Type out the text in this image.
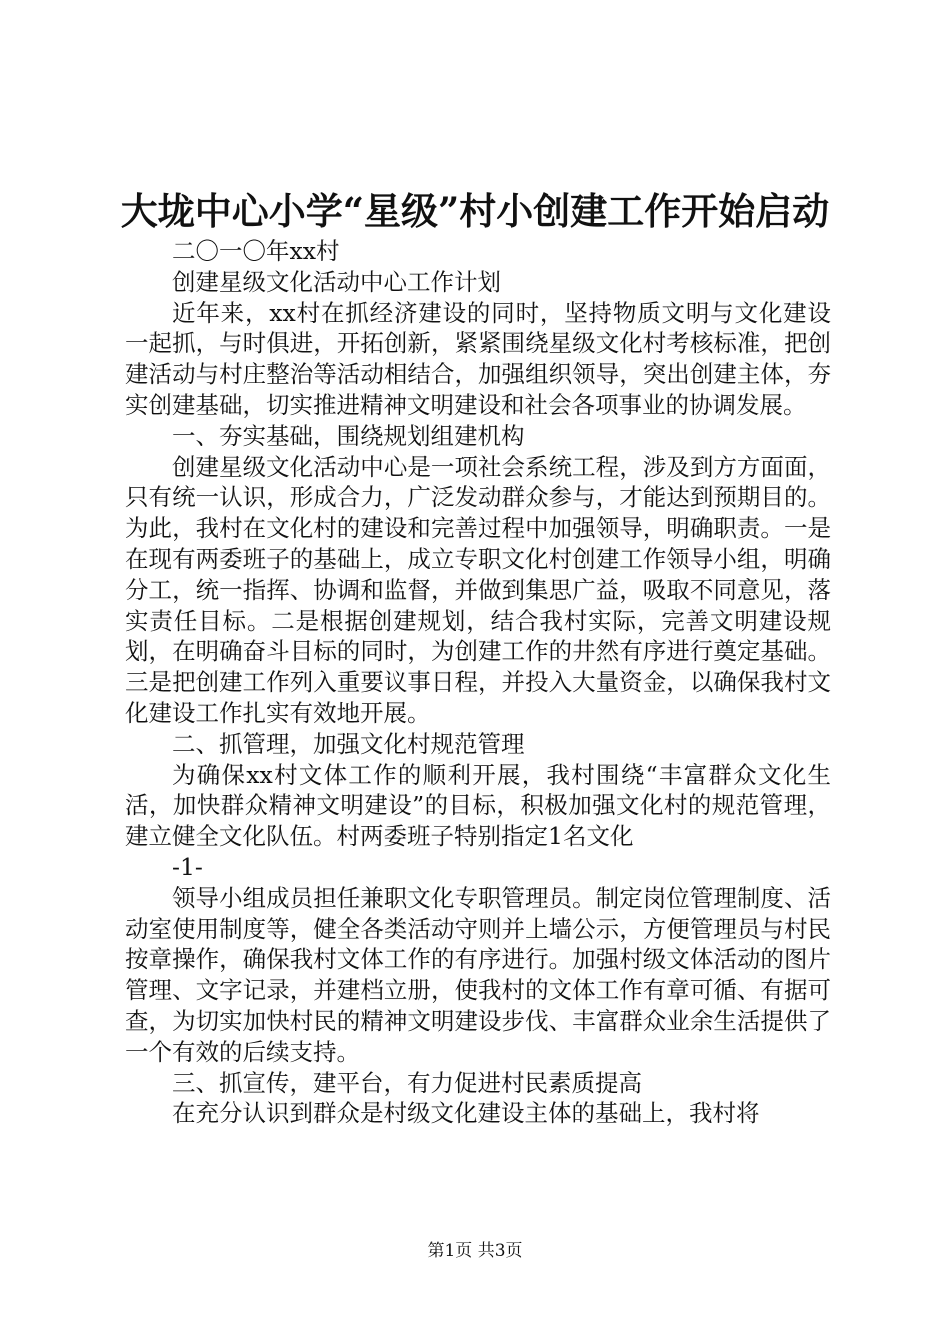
大垅中心小学“星级”村小创建工作开始启动

二〇一〇年xx村

创建星级文化活动中心工作计划

近年来，xx村在抓经济建设的同时，坚持物质文明与文化建设一起抓，与时俱进，开拓创新，紧紧围绕星级文化村考核标准，把创建活动与村庄整治等活动相结合，加强组织领导，突出创建主体，夯实创建基础，切实推进精神文明建设和社会各项事业的协调发展。

一、夯实基础，围绕规划组建机构

创建星级文化活动中心是一项社会系统工程，涉及到方方面面，只有统一认识，形成合力，广泛发动群众参与，才能达到预期目的。为此，我村在文化村的建设和完善过程中加强领导，明确职责。一是在现有两委班子的基础上，成立专职文化村创建工作领导小组，明确分工，统一指挥、协调和监督，并做到集思广益，吸取不同意见，落实责任目标。二是根据创建规划，结合我村实际，完善文明建设规划，在明确奋斗目标的同时，为创建工作的井然有序进行奠定基础。三是把创建工作列入重要议事日程，并投入大量资金，以确保我村文化建设工作扎实有效地开展。

二、抓管理，加强文化村规范管理

为确保xx村文体工作的顺利开展，我村围绕“丰富群众文化生活，加快群众精神文明建设”的目标，积极加强文化村的规范管理，建立健全文化队伍。村两委班子特别指定1名文化

-1-

领导小组成员担任兼职文化专职管理员。制定岗位管理制度、活动室使用制度等，健全各类活动守则并上墙公示，方便管理员与村民按章操作，确保我村文体工作的有序进行。加强村级文体活动的图片管理、文字记录，并建档立册，使我村的文体工作有章可循、有据可查，为切实加快村民的精神文明建设步伐、丰富群众业余生活提供了一个有效的后续支持。

三、抓宣传，建平台，有力促进村民素质提高

在充分认识到群众是村级文化建设主体的基础上，我村将

第1页 共3页
